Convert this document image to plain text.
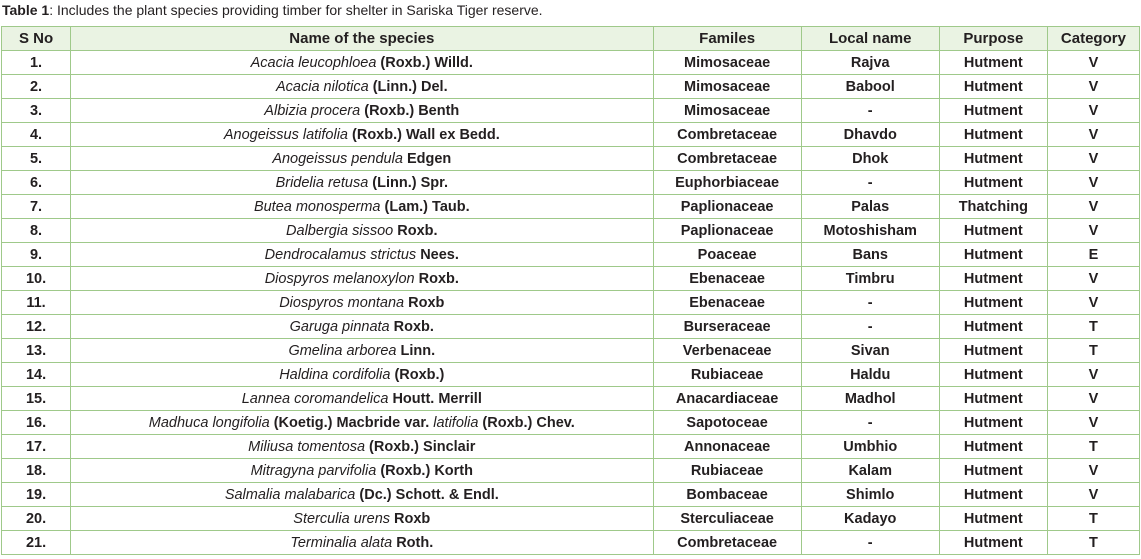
Table 1: Includes the plant species providing timber for shelter in Sariska Tiger reserve.
S No	Name of the species	Familes	Local name	Purpose	Category
1.	Acacia leucophloea (Roxb.) Willd.	Mimosaceae	Rajva	Hutment	V
2.	Acacia nilotica (Linn.) Del.	Mimosaceae	Babool	Hutment	V
3.	Albizia procera (Roxb.) Benth	Mimosaceae	-	Hutment	V
4.	Anogeissus latifolia (Roxb.) Wall ex Bedd.	Combretaceae	Dhavdo	Hutment	V
5.	Anogeissus pendula Edgen	Combretaceae	Dhok	Hutment	V
6.	Bridelia retusa (Linn.) Spr.	Euphorbiaceae	-	Hutment	V
7.	Butea monosperma (Lam.) Taub.	Paplionaceae	Palas	Thatching	V
8.	Dalbergia sissoo Roxb.	Paplionaceae	Motoshisham	Hutment	V
9.	Dendrocalamus strictus Nees.	Poaceae	Bans	Hutment	E
10.	Diospyros melanoxylon Roxb.	Ebenaceae	Timbru	Hutment	V
11.	Diospyros montana Roxb	Ebenaceae	-	Hutment	V
12.	Garuga pinnata Roxb.	Burseraceae	-	Hutment	T
13.	Gmelina arborea Linn.	Verbenaceae	Sivan	Hutment	T
14.	Haldina cordifolia (Roxb.)	Rubiaceae	Haldu	Hutment	V
15.	Lannea coromandelica Houtt. Merrill	Anacardiaceae	Madhol	Hutment	V
16.	Madhuca longifolia (Koetig.) Macbride var. latifolia (Roxb.) Chev.	Sapotoceae	-	Hutment	V
17.	Miliusa tomentosa (Roxb.) Sinclair	Annonaceae	Umbhio	Hutment	T
18.	Mitragyna parvifolia (Roxb.) Korth	Rubiaceae	Kalam	Hutment	V
19.	Salmalia malabarica (Dc.) Schott. & Endl.	Bombaceae	Shimlo	Hutment	V
20.	Sterculia urens Roxb	Sterculiaceae	Kadayo	Hutment	T
21.	Terminalia alata Roth.	Combretaceae	-	Hutment	T
